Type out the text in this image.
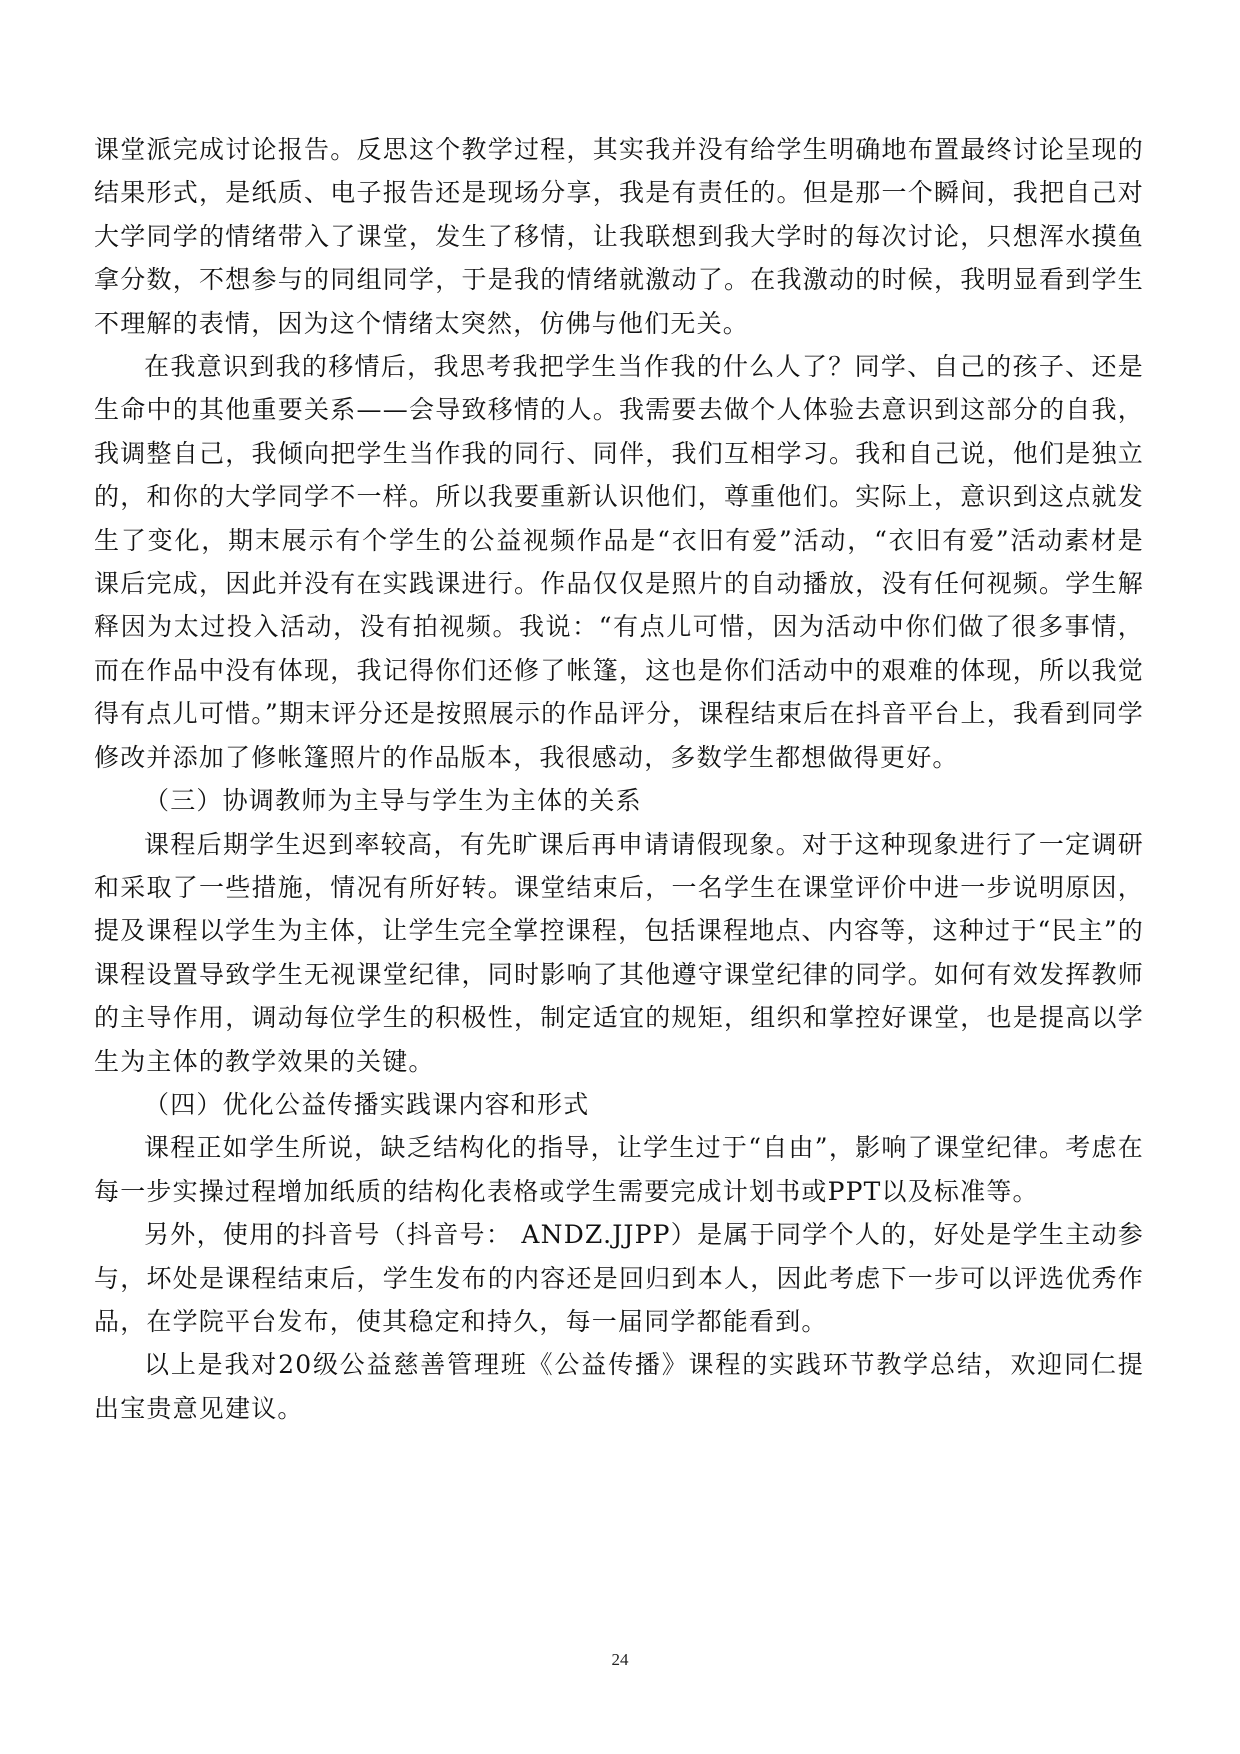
课堂派完成讨论报告。反思这个教学过程，其实我并没有给学生明确地布置最终讨论呈现的结果形式，是纸质、电子报告还是现场分享，我是有责任的。但是那一个瞬间，我把自己对大学同学的情绪带入了课堂，发生了移情，让我联想到我大学时的每次讨论，只想浑水摸鱼拿分数，不想参与的同组同学，于是我的情绪就激动了。在我激动的时候，我明显看到学生不理解的表情，因为这个情绪太突然，仿佛与他们无关。

在我意识到我的移情后，我思考我把学生当作我的什么人了？同学、自己的孩子、还是生命中的其他重要关系——会导致移情的人。我需要去做个人体验去意识到这部分的自我，我调整自己，我倾向把学生当作我的同行、同伴，我们互相学习。我和自己说，他们是独立的，和你的大学同学不一样。所以我要重新认识他们，尊重他们。实际上，意识到这点就发生了变化，期末展示有个学生的公益视频作品是“衣旧有爱”活动，“衣旧有爱”活动素材是课后完成，因此并没有在实践课进行。作品仅仅是照片的自动播放，没有任何视频。学生解释因为太过投入活动，没有拍视频。我说：“有点儿可惜，因为活动中你们做了很多事情，而在作品中没有体现，我记得你们还修了帐篷，这也是你们活动中的艰难的体现，所以我觉得有点儿可惜。”期末评分还是按照展示的作品评分，课程结束后在抖音平台上，我看到同学修改并添加了修帐篷照片的作品版本，我很感动，多数学生都想做得更好。

（三）协调教师为主导与学生为主体的关系

课程后期学生迟到率较高，有先旷课后再申请请假现象。对于这种现象进行了一定调研和采取了一些措施，情况有所好转。课堂结束后，一名学生在课堂评价中进一步说明原因，提及课程以学生为主体，让学生完全掌控课程，包括课程地点、内容等，这种过于“民主”的课程设置导致学生无视课堂纪律，同时影响了其他遵守课堂纪律的同学。如何有效发挥教师的主导作用，调动每位学生的积极性，制定适宜的规矩，组织和掌控好课堂，也是提高以学生为主体的教学效果的关键。

（四）优化公益传播实践课内容和形式

课程正如学生所说，缺乏结构化的指导，让学生过于“自由”，影响了课堂纪律。考虑在每一步实操过程增加纸质的结构化表格或学生需要完成计划书或PPT以及标准等。

另外，使用的抖音号（抖音号： ANDZ.JJPP）是属于同学个人的，好处是学生主动参与，坏处是课程结束后，学生发布的内容还是回归到本人，因此考虑下一步可以评选优秀作品，在学院平台发布，使其稳定和持久，每一届同学都能看到。

以上是我对20级公益慈善管理班《公益传播》课程的实践环节教学总结，欢迎同仁提出宝贵意见建议。

24
